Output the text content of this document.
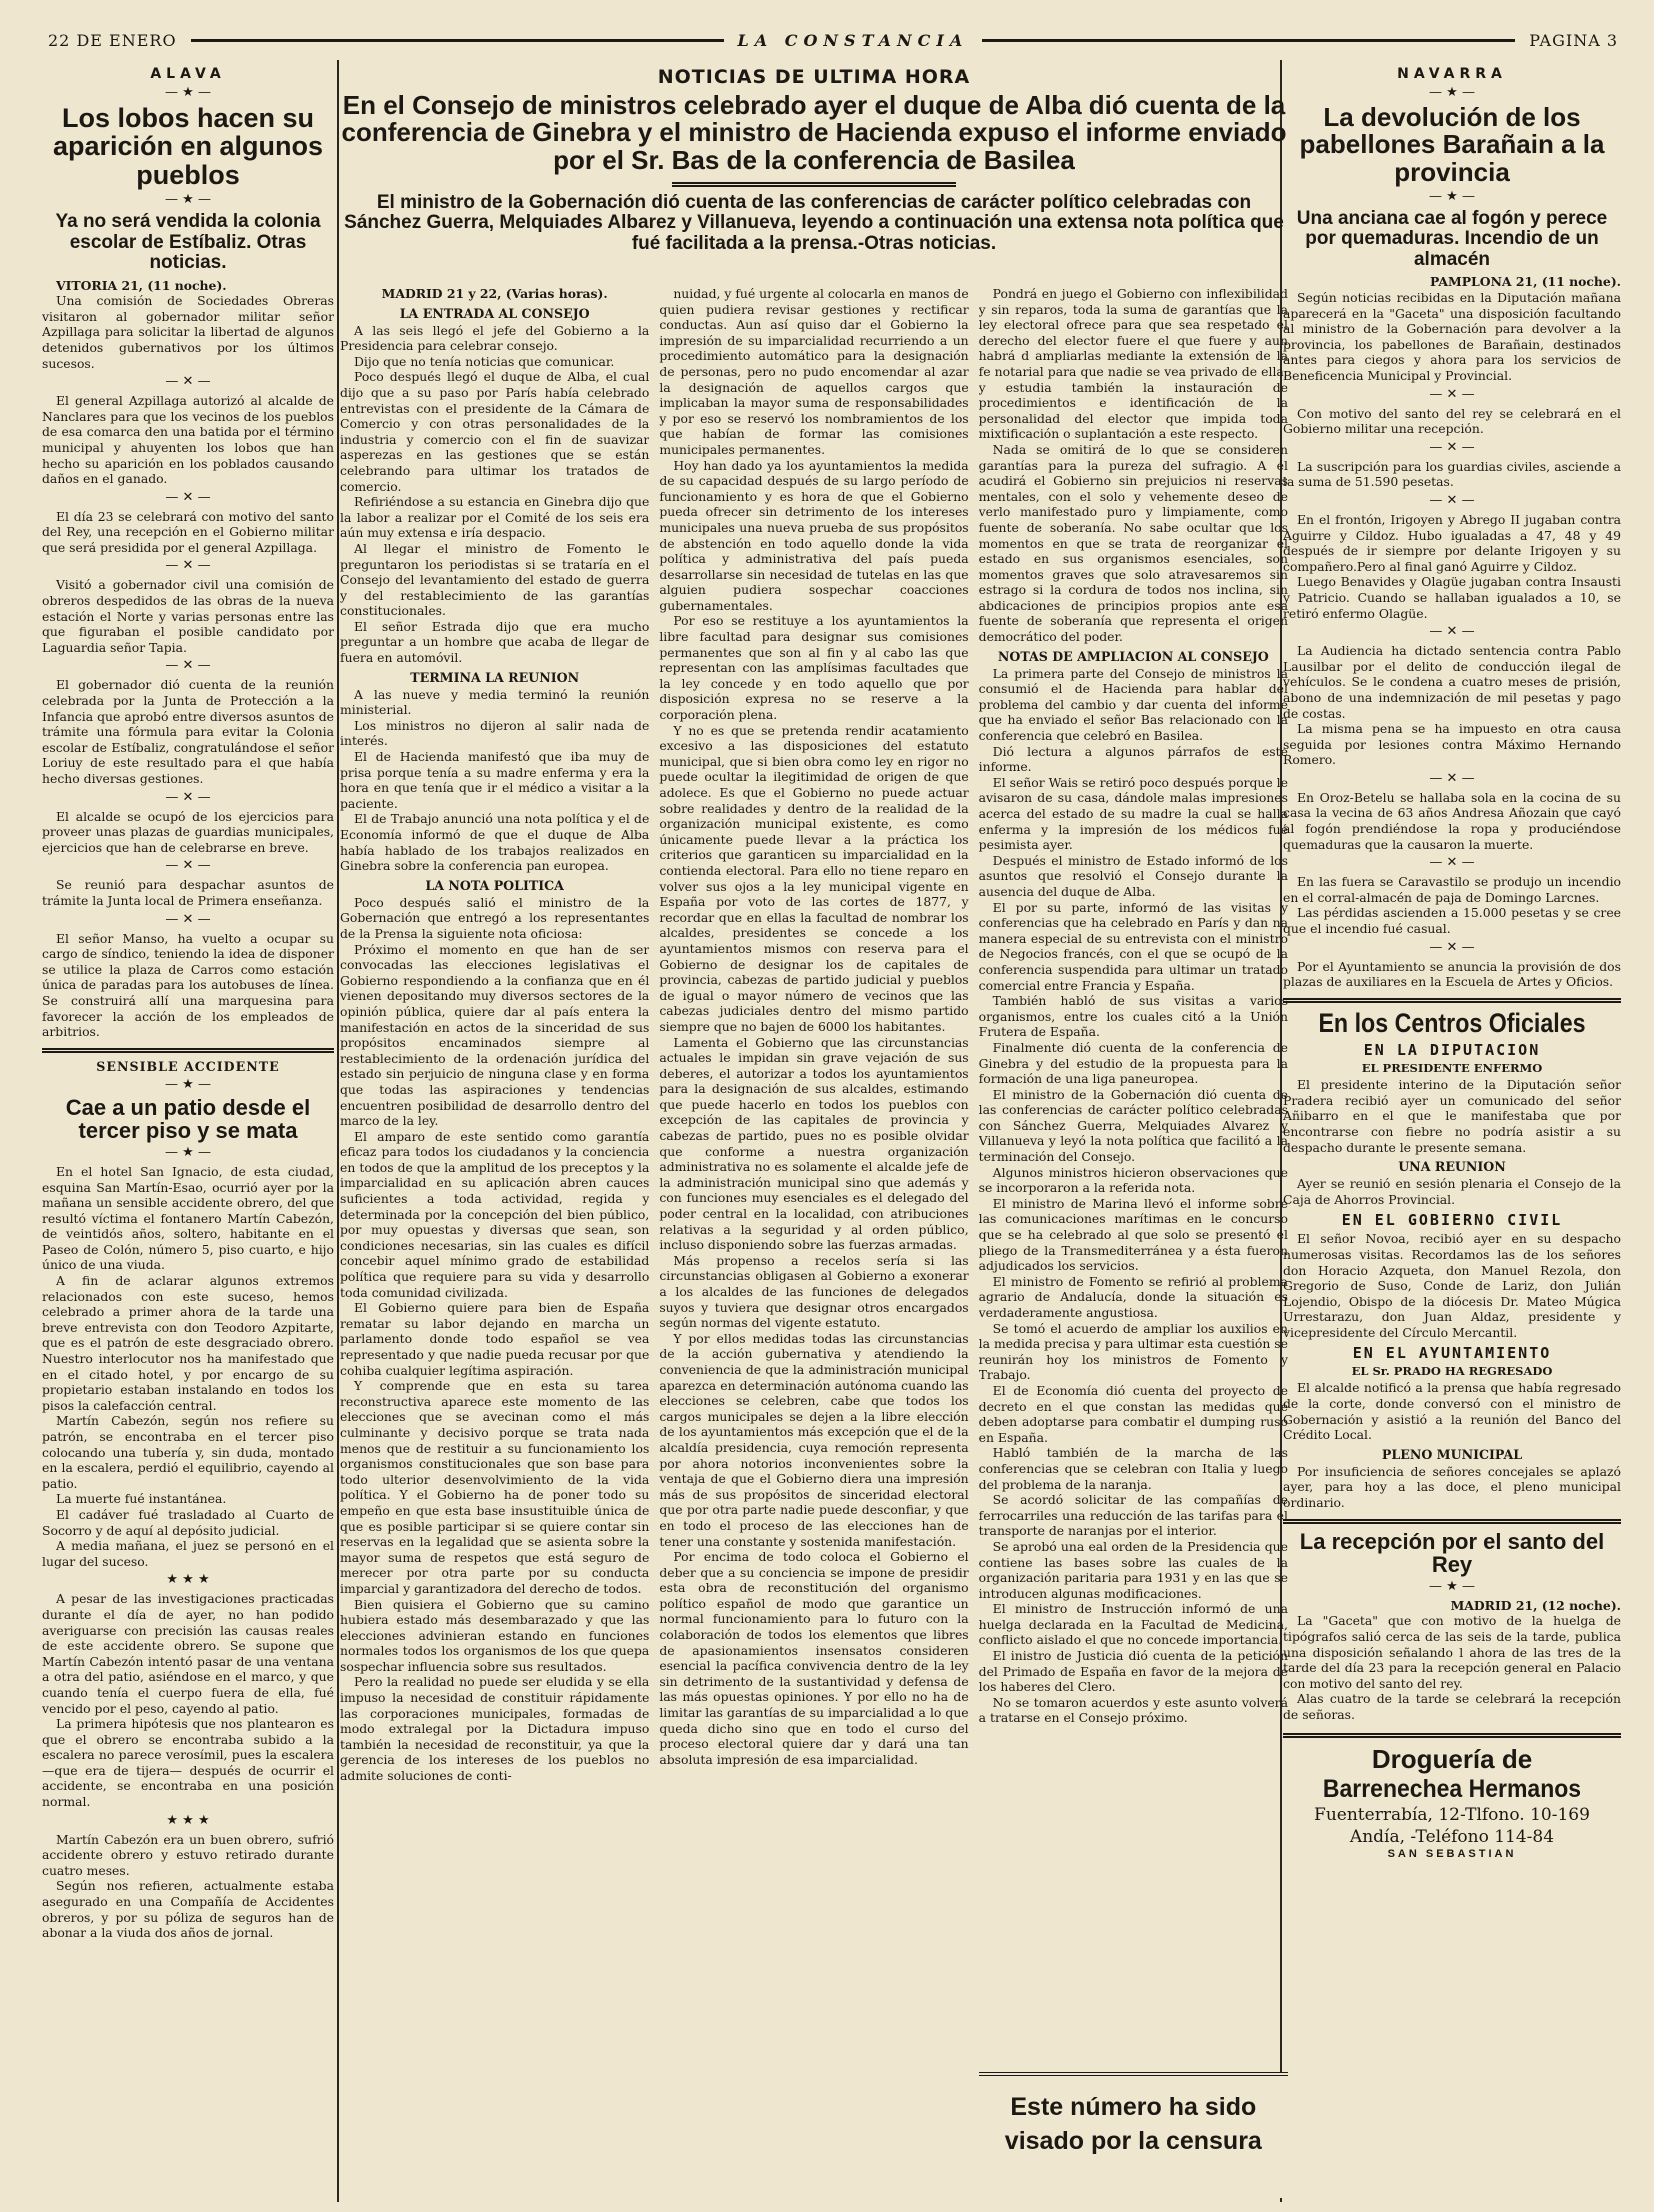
22 DE ENERO	LA CONSTANCIA	PAGINA 3
ALAVA
— ★ —
Los lobos hacen su aparición en algunos pueblos
— ★ —
Ya no será vendida la colonia escolar de Estíbaliz. Otras noticias.

VITORIA 21, (11 noche).

Una comisión de Sociedades Obreras visitaron al gobernador militar señor Azpillaga para solicitar la libertad de algunos detenidos gubernativos por los últimos sucesos.

— ✕ —

El general Azpillaga autorizó al alcalde de Nanclares para que los vecinos de los pueblos de esa comarca den una batida por el término municipal y ahuyenten los lobos que han hecho su aparición en los poblados causando daños en el ganado.

— ✕ —

El día 23 se celebrará con motivo del santo del Rey, una recepción en el Gobierno militar que será presidida por el general Azpillaga.

— ✕ —

Visitó a gobernador civil una comisión de obreros despedidos de las obras de la nueva estación el Norte y varias personas entre las que figuraban el posible candidato por Laguardia señor Tapia.

— ✕ —

El gobernador dió cuenta de la reunión celebrada por la Junta de Protección a la Infancia que aprobó entre diversos asuntos de trámite una fórmula para evitar la Colonia escolar de Estíbaliz, congratulándose el señor Loriuy de este resultado para el que había hecho diversas gestiones.

— ✕ —

El alcalde se ocupó de los ejercicios para proveer unas plazas de guardias municipales, ejercicios que han de celebrarse en breve.

— ✕ —

Se reunió para despachar asuntos de trámite la Junta local de Primera enseñanza.

— ✕ —

El señor Manso, ha vuelto a ocupar su cargo de síndico, teniendo la idea de disponer se utilice la plaza de Carros como estación única de paradas para los autobuses de línea. Se construirá allí una marquesina para favorecer la acción de los empleados de arbitrios.

SENSIBLE ACCIDENTE
— ★ —
Cae a un patio desde el tercer piso y se mata
— ★ —

En el hotel San Ignacio, de esta ciudad, esquina San Martín-Esao, ocurrió ayer por la mañana un sensible accidente obrero, del que resultó víctima el fontanero Martín Cabezón, de veintidós años, soltero, habitante en el Paseo de Colón, número 5, piso cuarto, e hijo único de una viuda.

A fin de aclarar algunos extremos relacionados con este suceso, hemos celebrado a primer ahora de la tarde una breve entrevista con don Teodoro Azpitarte, que es el patrón de este desgraciado obrero. Nuestro interlocutor nos ha manifestado que en el citado hotel, y por encargo de su propietario estaban instalando en todos los pisos la calefacción central.

Martín Cabezón, según nos refiere su patrón, se encontraba en el tercer piso colocando una tubería y, sin duda, montado en la escalera, perdió el equilibrio, cayendo al patio.

La muerte fué instantánea.

El cadáver fué trasladado al Cuarto de Socorro y de aquí al depósito judicial.

A media mañana, el juez se personó en el lugar del suceso.

★ ★ ★

A pesar de las investigaciones practicadas durante el día de ayer, no han podido averiguarse con precisión las causas reales de este accidente obrero. Se supone que Martín Cabezón intentó pasar de una ventana a otra del patio, asiéndose en el marco, y que cuando tenía el cuerpo fuera de ella, fué vencido por el peso, cayendo al patio.

La primera hipótesis que nos plantearon es que el obrero se encontraba subido a la escalera no parece verosímil, pues la escalera —que era de tijera— después de ocurrir el accidente, se encontraba en una posición normal.

★ ★ ★

Martín Cabezón era un buen obrero, sufrió accidente obrero y estuvo retirado durante cuatro meses.

Según nos refieren, actualmente estaba asegurado en una Compañía de Accidentes obreros, y por su póliza de seguros han de abonar a la viuda dos años de jornal.

NOTICIAS DE ULTIMA HORA
En el Consejo de ministros celebrado ayer el duque de Alba dió cuenta de la conferencia de Ginebra y el ministro de Hacienda expuso el informe enviado por el Sr. Bas de la conferencia de Basilea
El ministro de la Gobernación dió cuenta de las conferencias de carácter político celebradas con Sánchez Guerra, Melquiades Albarez y Villanueva, leyendo a continuación una extensa nota política que fué facilitada a la prensa.-Otras noticias.

MADRID 21 y 22, (Varias horas).

LA ENTRADA AL CONSEJO

A las seis llegó el jefe del Gobierno a la Presidencia para celebrar consejo.

Dijo que no tenía noticias que comunicar.

Poco después llegó el duque de Alba, el cual dijo que a su paso por París había celebrado entrevistas con el presidente de la Cámara de Comercio y con otras personalidades de la industria y comercio con el fin de suavizar asperezas en las gestiones que se están celebrando para ultimar los tratados de comercio.

Refiriéndose a su estancia en Ginebra dijo que la labor a realizar por el Comité de los seis era aún muy extensa e iría despacio.

Al llegar el ministro de Fomento le preguntaron los periodistas si se trataría en el Consejo del levantamiento del estado de guerra y del restablecimiento de las garantías constitucionales.

El señor Estrada dijo que era mucho preguntar a un hombre que acaba de llegar de fuera en automóvil.

TERMINA LA REUNION

A las nueve y media terminó la reunión ministerial.

Los ministros no dijeron al salir nada de interés.

El de Hacienda manifestó que iba muy de prisa porque tenía a su madre enferma y era la hora en que tenía que ir el médico a visitar a la paciente.

El de Trabajo anunció una nota política y el de Economía informó de que el duque de Alba había hablado de los trabajos realizados en Ginebra sobre la conferencia pan europea.

LA NOTA POLITICA

Poco después salió el ministro de la Gobernación que entregó a los representantes de la Prensa la siguiente nota oficiosa:

Próximo el momento en que han de ser convocadas las elecciones legislativas el Gobierno respondiendo a la confianza que en él vienen depositando muy diversos sectores de la opinión pública, quiere dar al país entera la manifestación en actos de la sinceridad de sus propósitos encaminados siempre al restablecimiento de la ordenación jurídica del estado sin perjuicio de ninguna clase y en forma que todas las aspiraciones y tendencias encuentren posibilidad de desarrollo dentro del marco de la ley.

El amparo de este sentido como garantía eficaz para todos los ciudadanos y la conciencia en todos de que la amplitud de los preceptos y la imparcialidad en su aplicación abren cauces suficientes a toda actividad, regida y determinada por la concepción del bien público, por muy opuestas y diversas que sean, son condiciones necesarias, sin las cuales es difícil concebir aquel mínimo grado de estabilidad política que requiere para su vida y desarrollo toda comunidad civilizada.

El Gobierno quiere para bien de España rematar su labor dejando en marcha un parlamento donde todo español se vea representado y que nadie pueda recusar por que cohiba cualquier legítima aspiración.

Y comprende que en esta su tarea reconstructiva aparece este momento de las elecciones que se avecinan como el más culminante y decisivo porque se trata nada menos que de restituir a su funcionamiento los organismos constitucionales que son base para todo ulterior desenvolvimiento de la vida política. Y el Gobierno ha de poner todo su empeño en que esta base insustituible única de que es posible participar si se quiere contar sin reservas en la legalidad que se asienta sobre la mayor suma de respetos que está seguro de merecer por otra parte por su conducta imparcial y garantizadora del derecho de todos.

Bien quisiera el Gobierno que su camino hubiera estado más desembarazado y que las elecciones advinieran estando en funciones normales todos los organismos de los que quepa sospechar influencia sobre sus resultados.

Pero la realidad no puede ser eludida y se ella impuso la necesidad de constituir rápidamente las corporaciones municipales, formadas de modo extralegal por la Dictadura impuso también la necesidad de reconstituir, ya que la gerencia de los intereses de los pueblos no admite soluciones de conti-

nuidad, y fué urgente al colocarla en manos de quien pudiera revisar gestiones y rectificar conductas. Aun así quiso dar el Gobierno la impresión de su imparcialidad recurriendo a un procedimiento automático para la designación de personas, pero no pudo encomendar al azar la designación de aquellos cargos que implicaban la mayor suma de responsabilidades y por eso se reservó los nombramientos de los que habían de formar las comisiones municipales permanentes.

Hoy han dado ya los ayuntamientos la medida de su capacidad después de su largo período de funcionamiento y es hora de que el Gobierno pueda ofrecer sin detrimento de los intereses municipales una nueva prueba de sus propósitos de abstención en todo aquello donde la vida política y administrativa del país pueda desarrollarse sin necesidad de tutelas en las que alguien pudiera sospechar coacciones gubernamentales.

Por eso se restituye a los ayuntamientos la libre facultad para designar sus comisiones permanentes que son al fin y al cabo las que representan con las amplísimas facultades que la ley concede y en todo aquello que por disposición expresa no se reserve a la corporación plena.

Y no es que se pretenda rendir acatamiento excesivo a las disposiciones del estatuto municipal, que si bien obra como ley en rigor no puede ocultar la ilegitimidad de origen de que adolece. Es que el Gobierno no puede actuar sobre realidades y dentro de la realidad de la organización municipal existente, es como únicamente puede llevar a la práctica los criterios que garanticen su imparcialidad en la contienda electoral. Para ello no tiene reparo en volver sus ojos a la ley municipal vigente en España por voto de las cortes de 1877, y recordar que en ellas la facultad de nombrar los alcaldes, presidentes se concede a los ayuntamientos mismos con reserva para el Gobierno de designar los de capitales de provincia, cabezas de partido judicial y pueblos de igual o mayor número de vecinos que las cabezas judiciales dentro del mismo partido siempre que no bajen de 6000 los habitantes.

Lamenta el Gobierno que las circunstancias actuales le impidan sin grave vejación de sus deberes, el autorizar a todos los ayuntamientos para la designación de sus alcaldes, estimando que puede hacerlo en todos los pueblos con excepción de las capitales de provincia y cabezas de partido, pues no es posible olvidar que conforme a nuestra organización administrativa no es solamente el alcalde jefe de la administración municipal sino que además y con funciones muy esenciales es el delegado del poder central en la localidad, con atribuciones relativas a la seguridad y al orden público, incluso disponiendo sobre las fuerzas armadas.

Más propenso a recelos sería si las circunstancias obligasen al Gobierno a exonerar a los alcaldes de las funciones de delegados suyos y tuviera que designar otros encargados según normas del vigente estatuto.

Y por ellos medidas todas las circunstancias de la acción gubernativa y atendiendo la conveniencia de que la administración municipal aparezca en determinación autónoma cuando las elecciones se celebren, cabe que todos los cargos municipales se dejen a la libre elección de los ayuntamientos más excepción que el de la alcaldía presidencia, cuya remoción representa por ahora notorios inconvenientes sobre la ventaja de que el Gobierno diera una impresión más de sus propósitos de sinceridad electoral que por otra parte nadie puede desconfiar, y que en todo el proceso de las elecciones han de tener una constante y sostenida manifestación.

Por encima de todo coloca el Gobierno el deber que a su conciencia se impone de presidir esta obra de reconstitución del organismo político español de modo que garantice un normal funcionamiento para lo futuro con la colaboración de todos los elementos que libres de apasionamientos insensatos consideren esencial la pacífica convivencia dentro de la ley sin detrimento de la sustantividad y defensa de las más opuestas opiniones. Y por ello no ha de limitar las garantías de su imparcialidad a lo que queda dicho sino que en todo el curso del proceso electoral quiere dar y dará una tan absoluta impresión de esa imparcialidad.

Pondrá en juego el Gobierno con inflexibilidad y sin reparos, toda la suma de garantías que la ley electoral ofrece para que sea respetado el derecho del elector fuere el que fuere y aun habrá d ampliarlas mediante la extensión de la fe notarial para que nadie se vea privado de ella; y estudia también la instauración de procedimientos e identificación de la personalidad del elector que impida toda mixtificación o suplantación a este respecto.

Nada se omitirá de lo que se consideren garantías para la pureza del sufragio. A él acudirá el Gobierno sin prejuicios ni reservas mentales, con el solo y vehemente deseo de verlo manifestado puro y limpiamente, como fuente de soberanía. No sabe ocultar que los momentos en que se trata de reorganizar el estado en sus organismos esenciales, son momentos graves que solo atravesaremos sin estrago si la cordura de todos nos inclina, sin abdicaciones de principios propios ante esa fuente de soberanía que representa el origen democrático del poder.

NOTAS DE AMPLIACION AL CONSEJO

La primera parte del Consejo de ministros la consumió el de Hacienda para hablar del problema del cambio y dar cuenta del informe que ha enviado el señor Bas relacionado con la conferencia que celebró en Basilea.

Dió lectura a algunos párrafos de este informe.

El señor Wais se retiró poco después porque le avisaron de su casa, dándole malas impresiones acerca del estado de su madre la cual se halla enferma y la impresión de los médicos fué pesimista ayer.

Después el ministro de Estado informó de los asuntos que resolvió el Consejo durante la ausencia del duque de Alba.

El por su parte, informó de las visitas y conferencias que ha celebrado en París y dan na manera especial de su entrevista con el ministro de Negocios francés, con el que se ocupó de la conferencia suspendida para ultimar un tratado comercial entre Francia y España.

También habló de sus visitas a varios organismos, entre los cuales citó a la Unión Frutera de España.

Finalmente dió cuenta de la conferencia de Ginebra y del estudio de la propuesta para la formación de una liga paneuropea.

El ministro de la Gobernación dió cuenta de las conferencias de carácter político celebradas con Sánchez Guerra, Melquiades Alvarez y Villanueva y leyó la nota política que facilitó a la terminación del Consejo.

Algunos ministros hicieron observaciones que se incorporaron a la referida nota.

El ministro de Marina llevó el informe sobre las comunicaciones marítimas en le concurso que se ha celebrado al que solo se presentó el pliego de la Transmediterránea y a ésta fueron adjudicados los servicios.

El ministro de Fomento se refirió al problema agrario de Andalucía, donde la situación es verdaderamente angustiosa.

Se tomó el acuerdo de ampliar los auxilios en la medida precisa y para ultimar esta cuestión se reunirán hoy los ministros de Fomento y Trabajo.

El de Economía dió cuenta del proyecto de decreto en el que constan las medidas que deben adoptarse para combatir el dumping ruso en España.

Habló también de la marcha de las conferencias que se celebran con Italia y luego del problema de la naranja.

Se acordó solicitar de las compañías de ferrocarriles una reducción de las tarifas para el transporte de naranjas por el interior.

Se aprobó una eal orden de la Presidencia que contiene las bases sobre las cuales de la organización paritaria para 1931 y en las que se introducen algunas modificaciones.

El ministro de Instrucción informó de una huelga declarada en la Facultad de Medicina, conflicto aislado el que no concede importancia.

El inistro de Justicia dió cuenta de la petición del Primado de España en favor de la mejora de los haberes del Clero.

No se tomaron acuerdos y este asunto volverá a tratarse en el Consejo próximo.

Este número ha sido visado por la censura
NAVARRA
— ★ —
La devolución de los pabellones Barañain a la provincia
— ★ —
Una anciana cae al fogón y perece por quemaduras. Incendio de un almacén

PAMPLONA 21, (11 noche).

Según noticias recibidas en la Diputación mañana aparecerá en la "Gaceta" una disposición facultando al ministro de la Gobernación para devolver a la provincia, los pabellones de Barañain, destinados antes para ciegos y ahora para los servicios de Beneficencia Municipal y Provincial.

— ✕ —

Con motivo del santo del rey se celebrará en el Gobierno militar una recepción.

— ✕ —

La suscripción para los guardias civiles, asciende a la suma de 51.590 pesetas.

— ✕ —

En el frontón, Irigoyen y Abrego II jugaban contra Aguirre y Cildoz. Hubo igualadas a 47, 48 y 49 después de ir siempre por delante Irigoyen y su compañero.Pero al final ganó Aguirre y Cildoz.

Luego Benavides y Olagüe jugaban contra Insausti y Patricio. Cuando se hallaban igualados a 10, se retiró enfermo Olagüe.

— ✕ —

La Audiencia ha dictado sentencia contra Pablo Lausilbar por el delito de conducción ilegal de vehículos. Se le condena a cuatro meses de prisión, abono de una indemnización de mil pesetas y pago de costas.

La misma pena se ha impuesto en otra causa seguida por lesiones contra Máximo Hernando Romero.

— ✕ —

En Oroz-Betelu se hallaba sola en la cocina de su casa la vecina de 63 años Andresa Añozain que cayó al fogón prendiéndose la ropa y produciéndose quemaduras que la causaron la muerte.

— ✕ —

En las fuera se Caravastilo se produjo un incendio en el corral-almacén de paja de Domingo Larcnes.

Las pérdidas ascienden a 15.000 pesetas y se cree que el incendio fué casual.

— ✕ —

Por el Ayuntamiento se anuncia la provisión de dos plazas de auxiliares en la Escuela de Artes y Oficios.

En los Centros Oficiales
EN LA DIPUTACION
EL PRESIDENTE ENFERMO

El presidente interino de la Diputación señor Pradera recibió ayer un comunicado del señor Añibarro en el que le manifestaba que por encontrarse con fiebre no podría asistir a su despacho durante le presente semana.

UNA REUNION

Ayer se reunió en sesión plenaria el Consejo de la Caja de Ahorros Provincial.

EN EL GOBIERNO CIVIL

El señor Novoa, recibió ayer en su despacho numerosas visitas. Recordamos las de los señores don Horacio Azqueta, don Manuel Rezola, don Gregorio de Suso, Conde de Lariz, don Julián Lojendio, Obispo de la diócesis Dr. Mateo Múgica Urrestarazu, don Juan Aldaz, presidente y vicepresidente del Círculo Mercantil.

EN EL AYUNTAMIENTO
EL Sr. PRADO HA REGRESADO

El alcalde notificó a la prensa que había regresado de la corte, donde conversó con el ministro de Gobernación y asistió a la reunión del Banco del Crédito Local.

PLENO MUNICIPAL

Por insuficiencia de señores concejales se aplazó ayer, para hoy a las doce, el pleno municipal ordinario.

La recepción por el santo del Rey
— ★ —

MADRID 21, (12 noche).

La "Gaceta" que con motivo de la huelga de tipógrafos salió cerca de las seis de la tarde, publica una disposición señalando l ahora de las tres de la tarde del día 23 para la recepción general en Palacio con motivo del santo del rey.

Alas cuatro de la tarde se celebrará la recepción de señoras.

Droguería de
Barrenechea Hermanos
Fuenterrabía, 12-Tlfono. 10-169
Andía, -Teléfono 114-84
SAN SEBASTIAN
